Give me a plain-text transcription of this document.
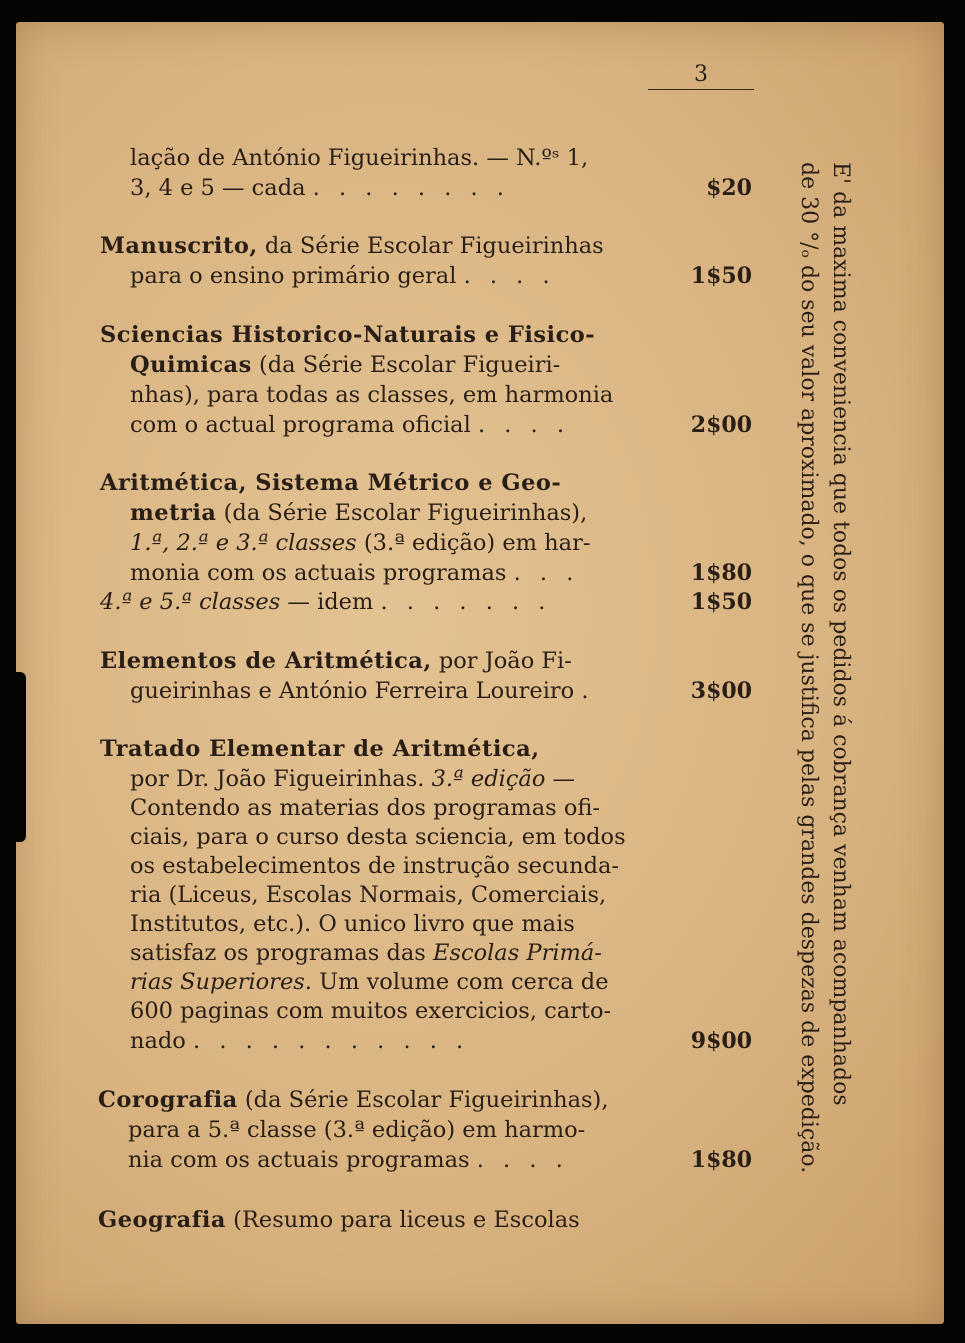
3
lação de António Figueirinhas. — N.ºˢ 1,
3, 4 e 5 — cada . . . . . . . .	$20
Manuscrito, da Série Escolar Figueirinhas
para o ensino primário geral . . . .	1$50
Sciencias Historico-Naturais e Fisico-
Quimicas (da Série Escolar Figueiri-
nhas), para todas as classes, em harmonia
com o actual programa oficial . . . .	2$00
Aritmética, Sistema Métrico e Geo-
metria (da Série Escolar Figueirinhas),
1.ª, 2.ª e 3.ª classes (3.ª edição) em har-
monia com os actuais programas . . .	1$80
4.ª e 5.ª classes — idem . . . . . . .	1$50
Elementos de Aritmética, por João Fi-
gueirinhas e António Ferreira Loureiro .	3$00
Tratado Elementar de Aritmética,
por Dr. João Figueirinhas. 3.ª edição —
Contendo as materias dos programas ofi-
ciais, para o curso desta sciencia, em todos
os estabelecimentos de instrução secunda-
ria (Liceus, Escolas Normais, Comerciais,
Institutos, etc.). O unico livro que mais
satisfaz os programas das Escolas Primá-
rias Superiores. Um volume com cerca de
600 paginas com muitos exercicios, carto-
nado . . . . . . . . . . .	9$00
Corografia (da Série Escolar Figueirinhas),
para a 5.ª classe (3.ª edição) em harmo-
nia com os actuais programas . . . .	1$80
Geografia (Resumo para liceus e Escolas
E' da maxima conveniencia que todos os pedidos á cobrança venham acompanhados
de 30 °/ₒ do seu valor aproximado, o que se justifica pelas grandes despezas de expedição.
